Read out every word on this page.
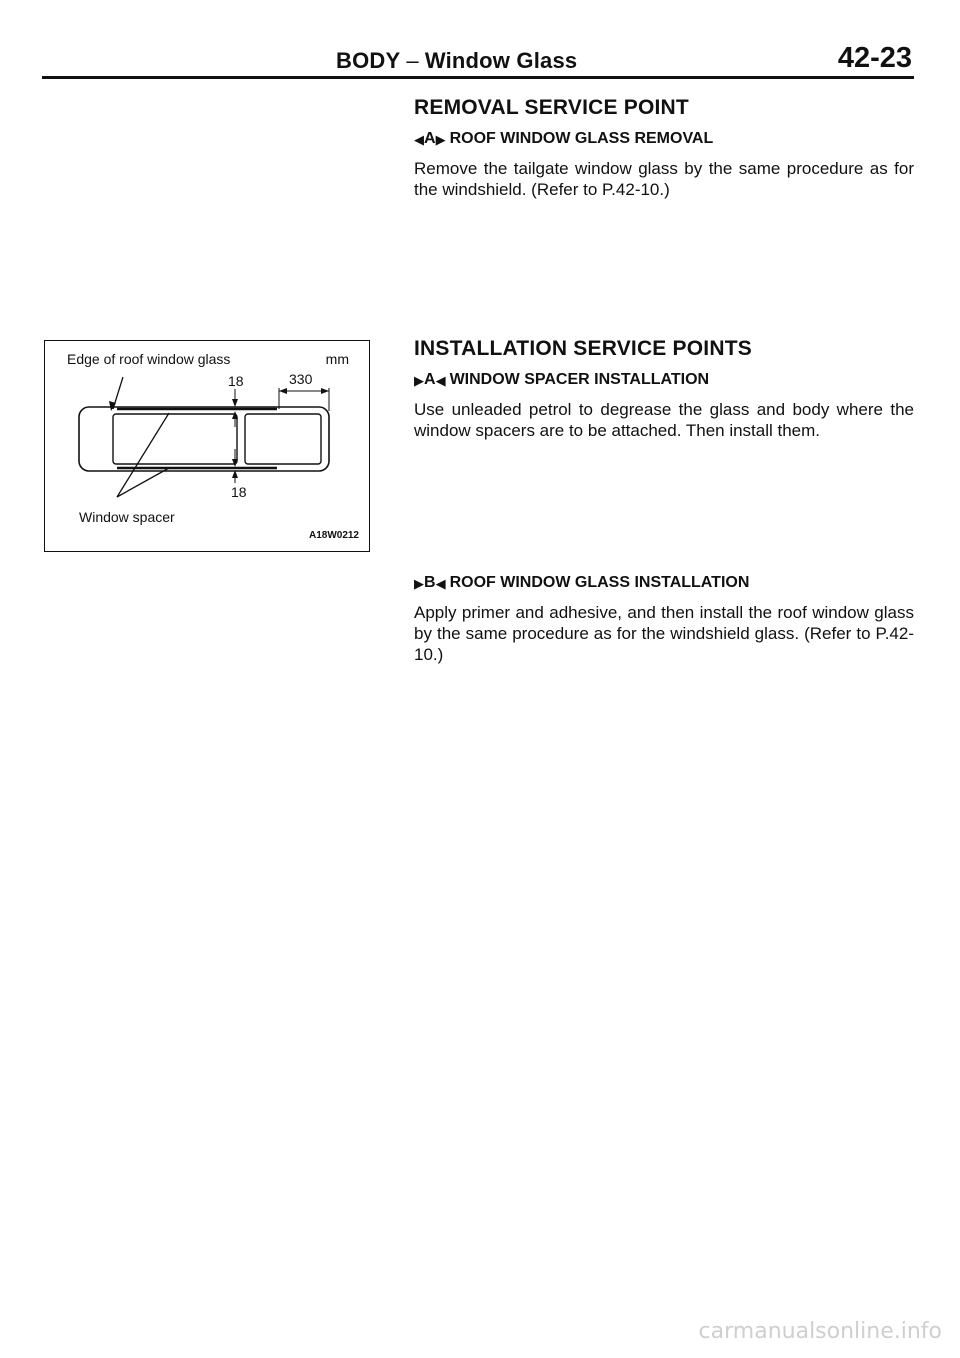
BODY – Window Glass	42-23
REMOVAL SERVICE POINT
◀ A ▶ ROOF WINDOW GLASS REMOVAL

Remove the tailgate window glass by the same procedure as for the windshield. (Refer to P.42-10.)

INSTALLATION SERVICE POINTS
▶ A ◀ WINDOW SPACER INSTALLATION

Use unleaded petrol to degrease the glass and body where the window spacers are to be attached. Then install them.

▶ B ◀ ROOF WINDOW GLASS INSTALLATION

Apply primer and adhesive, and then install the roof window glass by the same procedure as for the windshield glass. (Refer to P.42-10.)

Edge of roof window glass	mm
18	330
18
Window spacer
A18W0212
carmanualsonline.info
